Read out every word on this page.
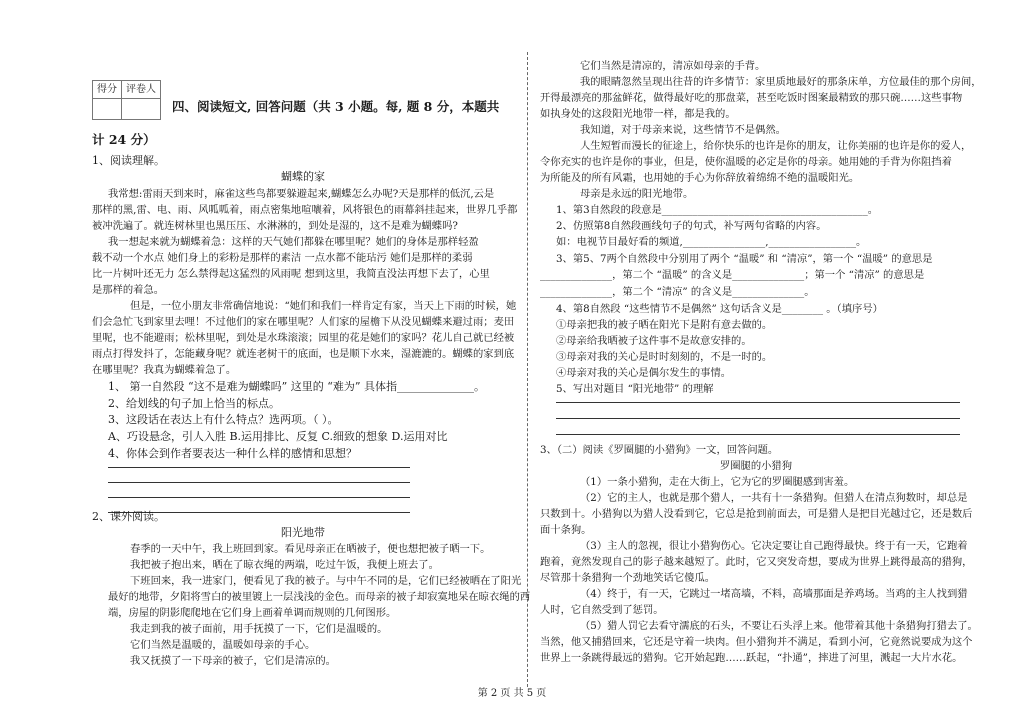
得分	评卷人

四、阅读短文, 回答问题（共 3 小题。每, 题 8 分，本题共
计 24 分）
1、阅读理解。
蝴蝶的家
我常想:雷雨天到来时，麻雀这些鸟都要躲避起来,蝴蝶怎么办呢?天是那样的低沉,云是
那样的黑,雷、电、雨、风呱呱着，雨点密集地喧嚷着，风将银色的雨幕斜挂起来，世界几乎都
被冲洗遍了。就连树林里也黑压压、水淋淋的，到处是湿的，这不是难为蝴蝶吗?
我一想起来就为蝴蝶着急：这样的天气她们都躲在哪里呢？她们的身体是那样轻盈
载不动一个水点 她们身上的彩粉是那样的素洁 一点水都不能玷污 她们是那样的柔弱
比一片树叶还无力 怎么禁得起这猛烈的风雨呢 想到这里，我简直没法再想下去了，心里
是那样的着急。
但是，一位小朋友非常确信地说：“她们和我们一样肯定有家，当天上下雨的时候，她
们会急忙飞到家里去哩！不过他们的家在哪里呢？人们家的屋檐下从没见蝴蝶来避过雨；麦田
里呢，也不能避雨；松林里呢，到处是水珠滚滚；园里的花是她们的家吗？花儿自己就已经被
雨点打得发抖了，怎能藏身呢？就连老树干的底面，也是顺下水来，湿漉漉的。蝴蝶的家到底
在哪里呢？我真为蝴蝶着急了。
1、 第一自然段 “这不是难为蝴蝶吗” 这里的 “难为” 具体指______________。
2、给划线的句子加上恰当的标点。
3、这段话在表达上有什么特点？选两项。（ ）。
A、巧设悬念，引人入胜 B.运用排比、反复 C.细致的想象 D.运用对比
4、你体会到作者要表达一种什么样的感情和思想？
2、课外阅读。
阳光地带
春季的一天中午，我上班回到家。看见母亲正在晒被子，便也想把被子晒一下。
我把被子抱出来，晒在了晾衣绳的两端，吃过午饭，我便上班去了。
下班回来，我一进家门，便看见了我的被子。与中午不同的是，它们已经被晒在了阳光
最好的地带，夕阳将雪白的被里镀上一层浅浅的金色。而母亲的被子却寂寞地呆在晾衣绳的西
端，房屋的阴影爬爬地在它们身上画着单调而规则的几何图形。
我走到我的被子面前，用手抚摸了一下，它们是温暖的。
它们当然是温暖的，温暖如母亲的手心。
我又抚摸了一下母亲的被子，它们是清凉的。
它们当然是清凉的，清凉如母亲的手背。
我的眼睛忽然呈现出往昔的许多情节：家里质地最好的那条床单，方位最佳的那个房间，
开得最漂亮的那盆鲜花，做得最好吃的那盘菜，甚至吃饭时图案最精致的那只碗……这些事物
如执身处的这段阳光地带一样，都是我的。
我知道，对于母亲来说，这些情节不是偶然。
人生短暂而漫长的征途上，给你快乐的也许是你的朋友，让你美丽的也许是你的爱人，
令你充实的也许是你的事业，但是，使你温暖的必定是你的母亲。她用她的手背为你阻挡着
为所能及的所有风霜，也用她的手心为你辞放着绵绵不绝的温暖阳光。
母亲是永远的阳光地带。
1、第3自然段的段意是________________________________________。
2、仿照第8自然段画线句子的句式，补写两句省略的内容。
如：电视节目最好看的频道,________________,_________________。
3、第5、7两个自然段中分别用了两个 “温暖” 和 “清凉”，第一个 “温暖” 的意思是
______________，第二个 “温暖” 的含义是______________；第一个 “清凉” 的意思是
______________，第二个 “清凉” 的含义是______________。
4、第8自然段 “这些情节不是偶然” 这句话含义是________ 。（填序号）
①母亲把我的被子晒在阳光下是附有意去做的。
②母亲给我晒被子这件事不是故意安排的。
③母亲对我的关心是时时刻刻的，不是一时的。
④母亲对我的关心是偶尔发生的事情。
5、写出对题目 “阳光地带” 的理解
3、（二）阅读《罗圈腿的小猎狗》一文，回答问题。
罗圈腿的小猎狗
（1）一条小猎狗，走在大街上，它为它的罗圈腿感到害羞。
（2）它的主人，也就是那个猎人，一共有十一条猎狗。但猎人在清点狗数时，却总是
只数到十。小猎狗以为猎人没看到它，它总是抢到前面去，可是猎人是把目光越过它，还是数后
面十条狗。
（3）主人的忽视，很让小猎狗伤心。它决定要让自己跑得最快。终于有一天，它跑着
跑着，竟然发现自己的影子越来越短了。此时，它又突发奇想，要成为世界上跳得最高的猎狗，
尽管那十条猎狗一个劲地笑话它傻瓜。
（4）终于，有一天，它跳过一堵高墙，不料，高墙那面是养鸡场。当鸡的主人找到猎
人时，它自然受到了惩罚。
（5）猎人罚它去看守濡底的石头，不要让石头浮上来。他带着其他十条猎狗打猎去了。
当然，他又捕猎回来，它还是守着一块肉。但小猎狗并不满足，看到小河，它竟然说要成为这个
世界上一条跳得最远的猎狗。它开始起跑……跃起，“扑通”，摔进了河里，溅起一大片水花。
第 2 页 共 5 页
